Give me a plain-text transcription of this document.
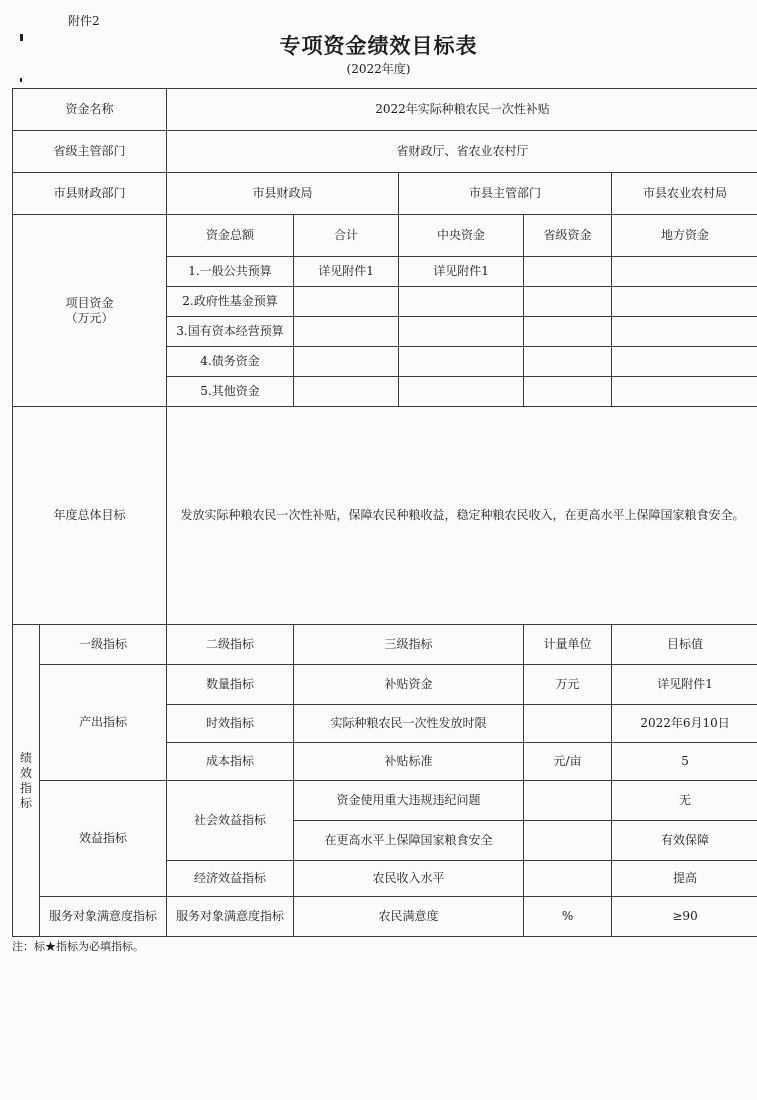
附件2
专项资金绩效目标表
(2022年度)
资金名称		2022年实际种粮农民一次性补贴				
省级主管部门		省财政厅、省农业农村厅				
市县财政部门		市县财政局		市县主管部门		市县农业农村局

项目资金
（万元）		资金总额	合计	中央资金	省级资金	地方资金
		1.一般公共预算	详见附件1	详见附件1		
		2.政府性基金预算				
		3.国有资本经营预算				
		4.债务资金				
		5.其他资金				
年度总体目标		发放实际种粮农民一次性补贴，保障农民种粮收益，稳定种粮农民收入，在更高水平上保障国家粮食安全。				

绩效
指标	一级指标	二级指标	三级指标		计量单位	目标值
	产出指标	数量指标	补贴资金		万元	详见附件1
		时效指标	实际种粮农民一次性发放时限			2022年6月10日
		成本指标	补贴标准		元/亩	5
	效益指标	社会效益指标	资金使用重大违规违纪问题			无
			在更高水平上保障国家粮食安全			有效保障
		经济效益指标	农民收入水平			提高
	服务对象满意度指标	服务对象满意度指标	农民满意度		%	≥90
注：标★指标为必填指标。
